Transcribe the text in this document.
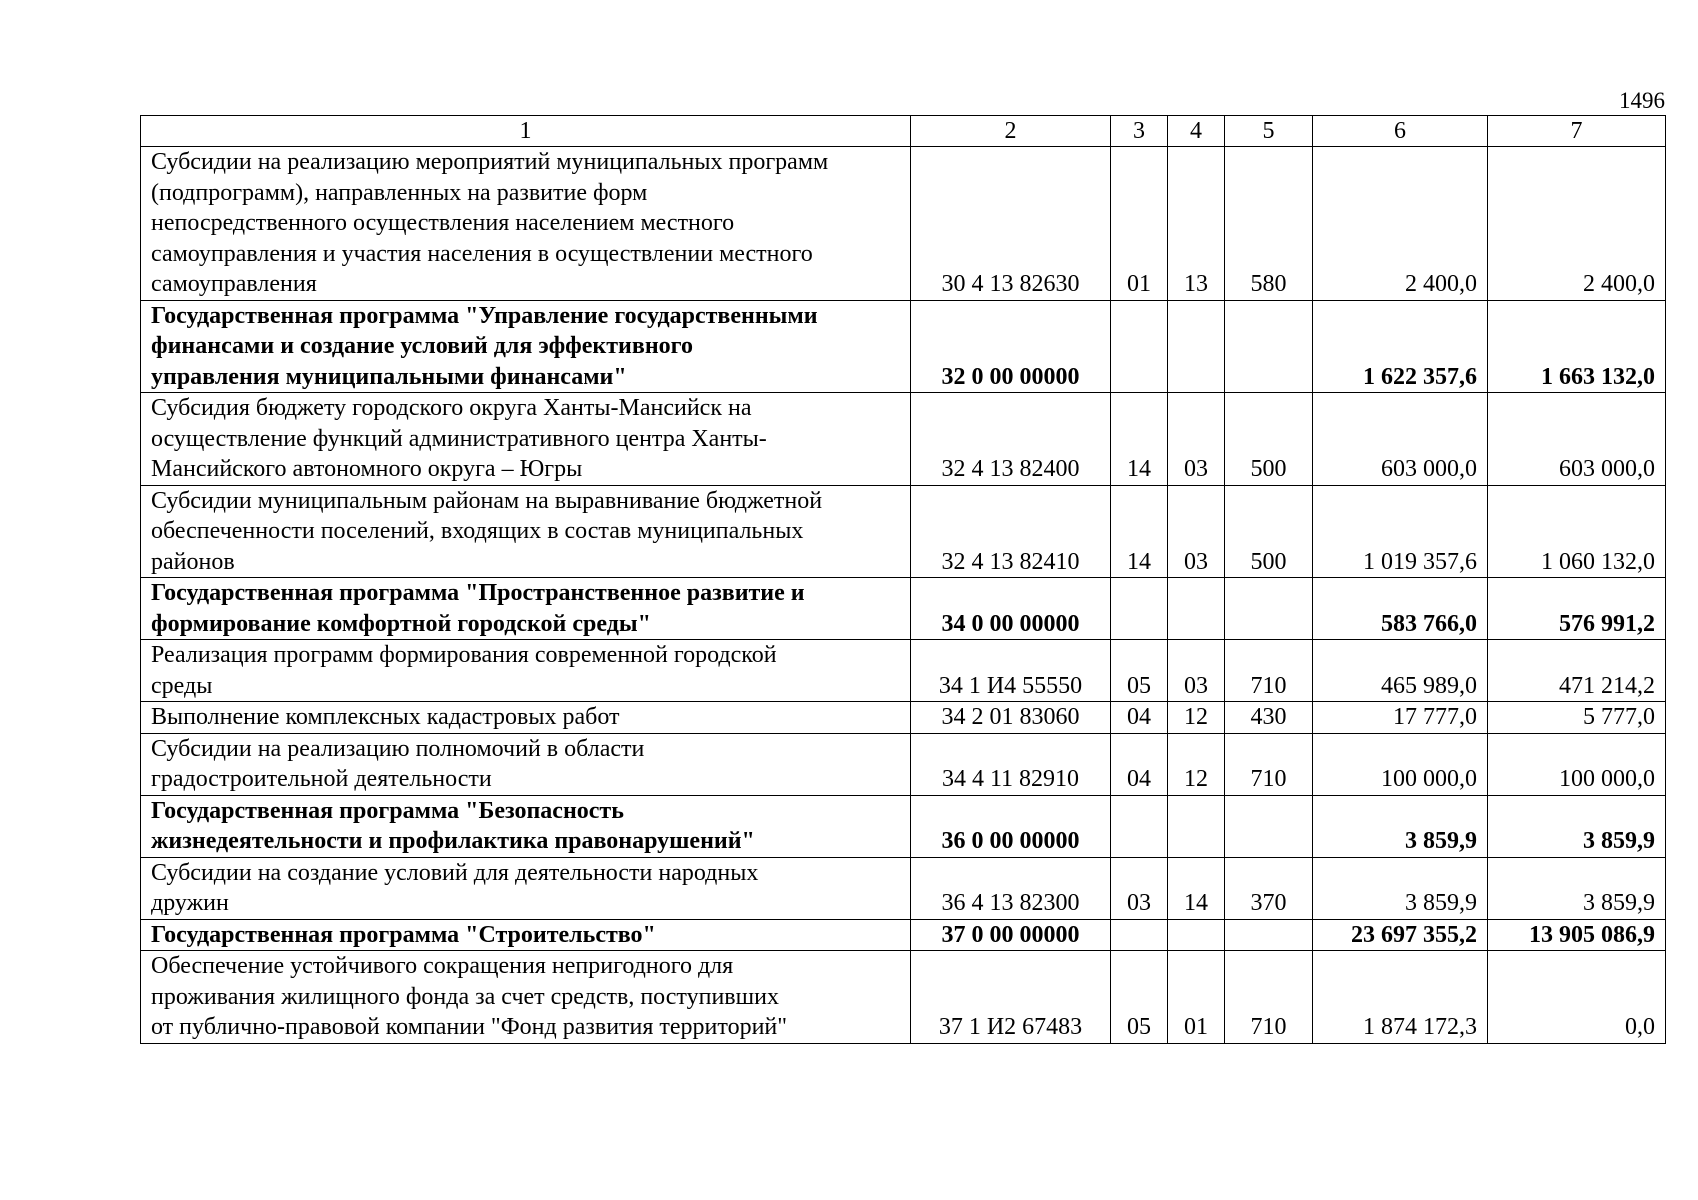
1496
1	2	3	4	5	6	7

Субсидии на реализацию мероприятий муниципальных программ
(подпрограмм), направленных на развитие форм
непосредственного осуществления населением местного
самоуправления и участия населения в осуществлении местного
самоуправления	30 4 13 82630	01	13	580	2 400,0	2 400,0

Государственная программа "Управление государственными
финансами и создание условий для эффективного
управления муниципальными финансами"	32 0 00 00000				1 622 357,6	1 663 132,0

Субсидия бюджету городского округа Ханты-Мансийск на
осуществление функций административного центра Ханты-
Мансийского автономного округа – Югры	32 4 13 82400	14	03	500	603 000,0	603 000,0

Субсидии муниципальным районам на выравнивание бюджетной
обеспеченности поселений, входящих в состав муниципальных
районов	32 4 13 82410	14	03	500	1 019 357,6	1 060 132,0

Государственная программа "Пространственное развитие и
формирование комфортной городской среды"	34 0 00 00000				583 766,0	576 991,2

Реализация программ формирования современной городской
среды	34 1 И4 55550	05	03	710	465 989,0	471 214,2

Выполнение комплексных кадастровых работ	34 2 01 83060	04	12	430	17 777,0	5 777,0

Субсидии на реализацию полномочий в области
градостроительной деятельности	34 4 11 82910	04	12	710	100 000,0	100 000,0

Государственная программа "Безопасность
жизнедеятельности и профилактика правонарушений"	36 0 00 00000				3 859,9	3 859,9

Субсидии на создание условий для деятельности народных
дружин	36 4 13 82300	03	14	370	3 859,9	3 859,9

Государственная программа "Строительство"	37 0 00 00000				23 697 355,2	13 905 086,9

Обеспечение устойчивого сокращения непригодного для
проживания жилищного фонда за счет средств, поступивших
от публично-правовой компании "Фонд развития территорий"	37 1 И2 67483	05	01	710	1 874 172,3	0,0
